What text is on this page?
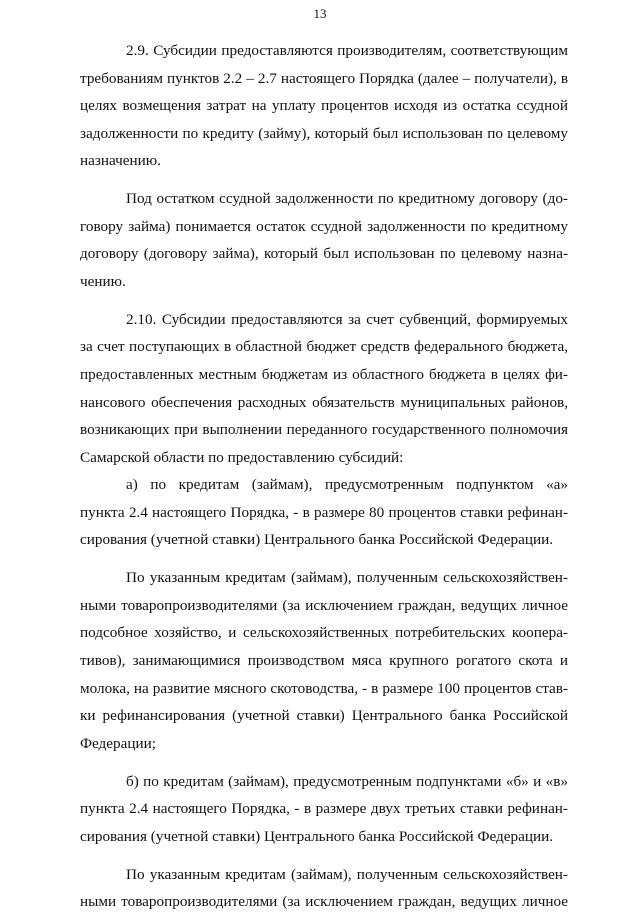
13
2.9. Субсидии предоставляются производителям, соответствующим
требованиям пунктов 2.2 – 2.7 настоящего Порядка (далее – получатели), в
целях возмещения затрат на уплату процентов исходя из остатка ссудной
задолженности по кредиту (займу), который был использован по целевому
назначению.
Под остатком ссудной задолженности по кредитному договору (до-
говору займа) понимается остаток ссудной задолженности по кредитному
договору (договору займа), который был использован по целевому назна-
чению.
2.10. Субсидии предоставляются за счет субвенций, формируемых
за счет поступающих в областной бюджет средств федерального бюджета,
предоставленных местным бюджетам из областного бюджета в целях фи-
нансового обеспечения расходных обязательств муниципальных районов,
возникающих при выполнении переданного государственного полномочия
Самарской области по предоставлению субсидий:
а) по кредитам (займам), предусмотренным подпунктом «а»
пункта 2.4 настоящего Порядка, - в размере 80 процентов ставки рефинан-
сирования (учетной ставки) Центрального банка Российской Федерации.
По указанным кредитам (займам), полученным сельскохозяйствен-
ными товаропроизводителями (за исключением граждан, ведущих личное
подсобное хозяйство, и сельскохозяйственных потребительских коопера-
тивов), занимающимися производством мяса крупного рогатого скота и
молока, на развитие мясного скотоводства, - в размере 100 процентов став-
ки рефинансирования (учетной ставки) Центрального банка Российской
Федерации;
б) по кредитам (займам), предусмотренным подпунктами «б» и «в»
пункта 2.4 настоящего Порядка, - в размере двух третьих ставки рефинан-
сирования (учетной ставки) Центрального банка Российской Федерации.
По указанным кредитам (займам), полученным сельскохозяйствен-
ными товаропроизводителями (за исключением граждан, ведущих личное
